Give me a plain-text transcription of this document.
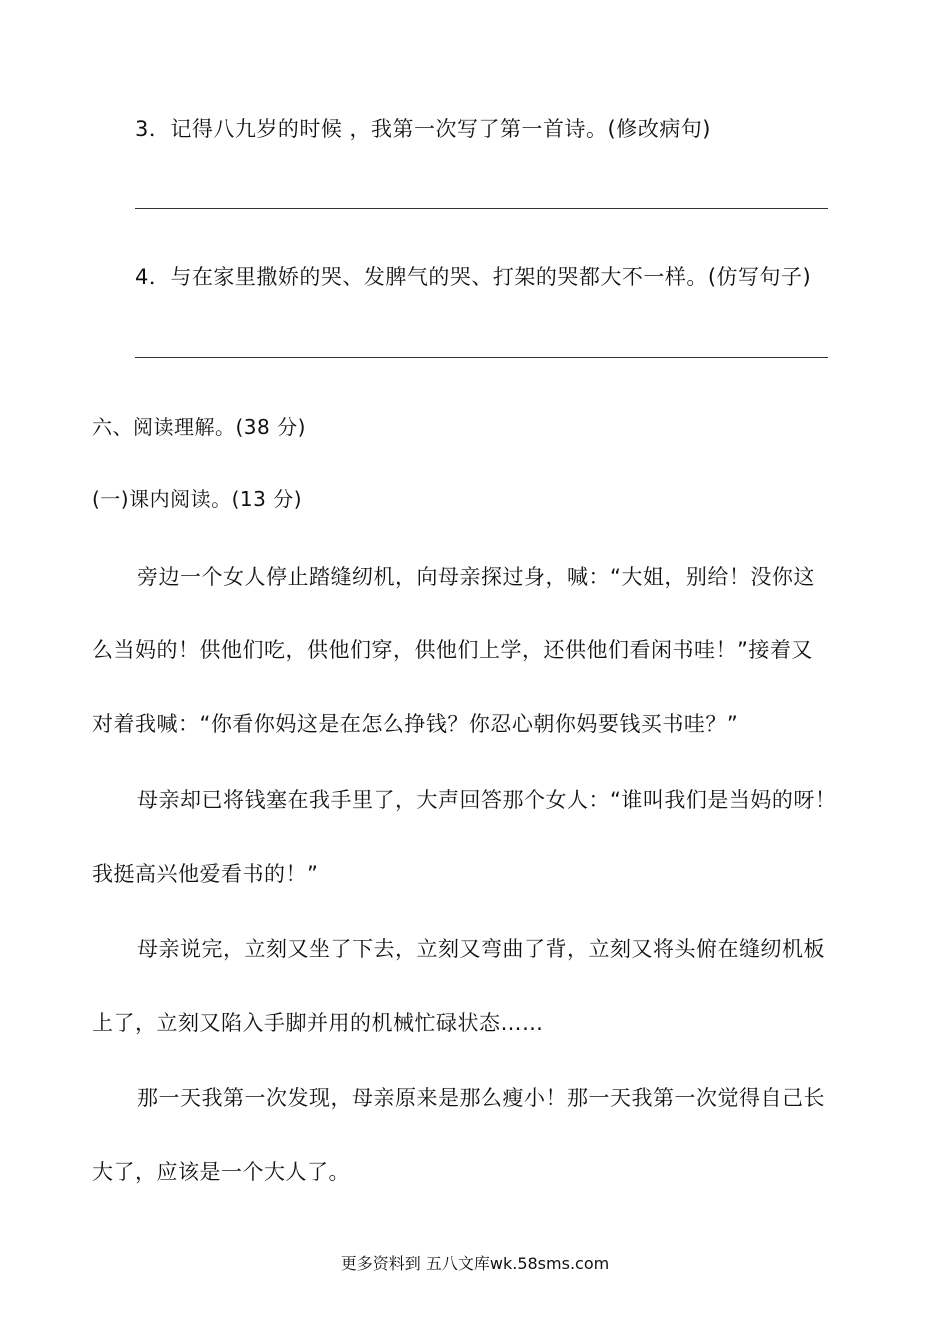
3．记得八九岁的时候 ，我第一次写了第一首诗。(修改病句)
4．与在家里撒娇的哭、发脾气的哭、打架的哭都大不一样。(仿写句子)
六、阅读理解。(38 分)
(一)课内阅读。(13 分)
旁边一个女人停止踏缝纫机，向母亲探过身，喊：“大姐，别给！没你这
么当妈的！供他们吃，供他们穿，供他们上学，还供他们看闲书哇！”接着又
对着我喊：“你看你妈这是在怎么挣钱？你忍心朝你妈要钱买书哇？”
母亲却已将钱塞在我手里了，大声回答那个女人：“谁叫我们是当妈的呀！
我挺高兴他爱看书的！”
母亲说完，立刻又坐了下去，立刻又弯曲了背，立刻又将头俯在缝纫机板
上了，立刻又陷入手脚并用的机械忙碌状态……
那一天我第一次发现，母亲原来是那么瘦小！那一天我第一次觉得自己长
大了，应该是一个大人了。
更多资料到 五八文库wk.58sms.com
